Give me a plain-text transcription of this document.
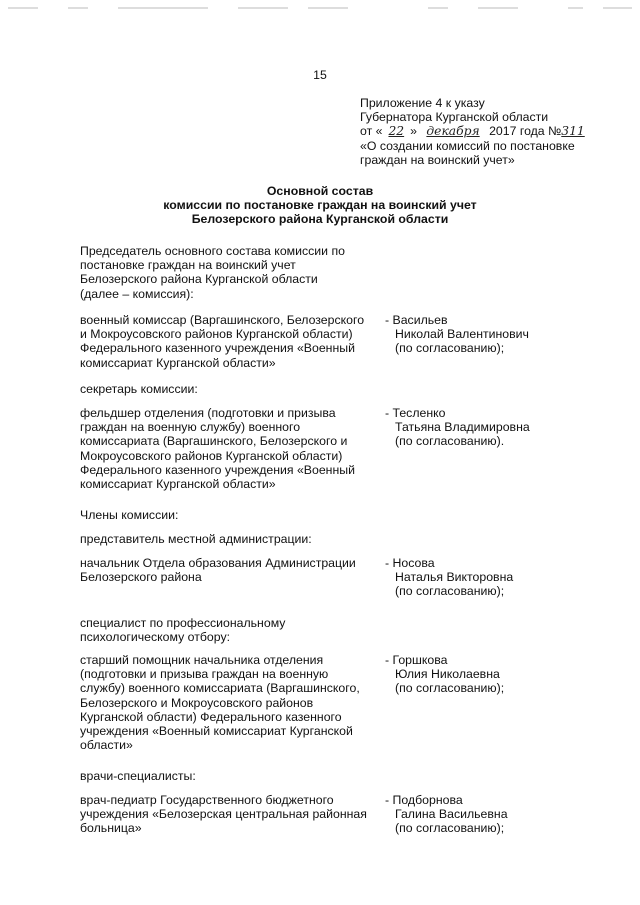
15
Приложение 4 к указу
Губернатора Курганской области
от « 22 » декабря 2017 года №311
«О создании комиссий по постановке
граждан на воинский учет»
Основной состав
комиссии по постановке граждан на воинский учет
Белозерского района Курганской области
Председатель основного состава комиссии по
постановке граждан на воинский учет
Белозерского района Курганской области
(далее – комиссия):
военный комиссар (Варгашинского, Белозерского
и Мокроусовского районов Курганской области)
Федерального казенного учреждения «Военный
комиссариат Курганской области»
- Васильев
Николай Валентинович
(по согласованию);
секретарь комиссии:
фельдшер отделения (подготовки и призыва
граждан на военную службу) военного
комиссариата (Варгашинского, Белозерского и
Мокроусовского районов Курганской области)
Федерального казенного учреждения «Военный
комиссариат Курганской области»
- Тесленко
Татьяна Владимировна
(по согласованию).
Члены комиссии:
представитель местной администрации:
начальник Отдела образования Администрации
Белозерского района
- Носова
Наталья Викторовна
(по согласованию);
специалист по профессиональному
психологическому отбору:
старший помощник начальника отделения
(подготовки и призыва граждан на военную
службу) военного комиссариата (Варгашинского,
Белозерского и Мокроусовского районов
Курганской области) Федерального казенного
учреждения «Военный комиссариат Курганской
области»
- Горшкова
Юлия Николаевна
(по согласованию);
врачи-специалисты:
врач-педиатр Государственного бюджетного
учреждения «Белозерская центральная районная
больница»
- Подборнова
Галина Васильевна
(по согласованию);
